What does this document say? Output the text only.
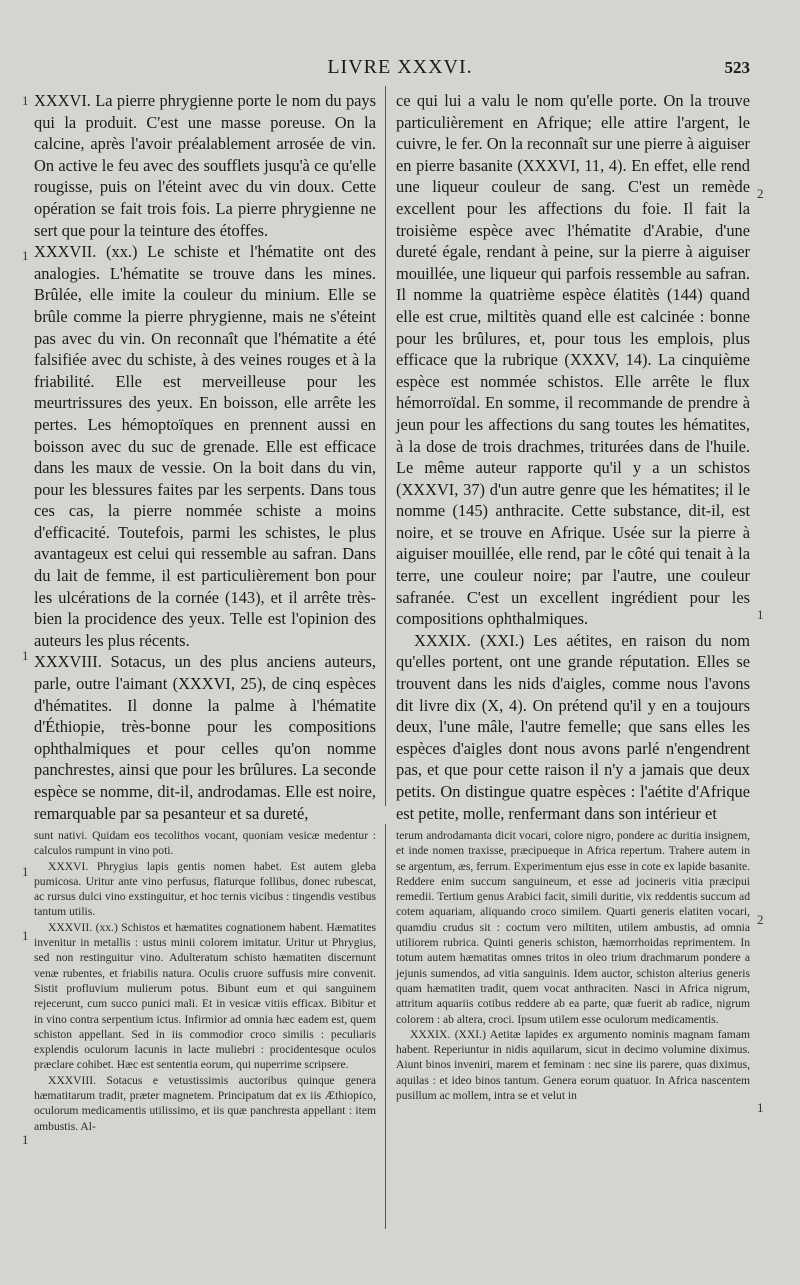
LIVRE XXXVI.	523

XXXVI. La pierre phrygienne porte le nom du pays qui la produit. C'est une masse poreuse. On la calcine, après l'avoir préalablement arrosée de vin. On active le feu avec des soufflets jusqu'à ce qu'elle rougisse, puis on l'éteint avec du vin doux. Cette opération se fait trois fois. La pierre phrygienne ne sert que pour la teinture des étoffes.

XXXVII. (xx.) Le schiste et l'hématite ont des analogies. L'hématite se trouve dans les mines. Brûlée, elle imite la couleur du minium. Elle se brûle comme la pierre phrygienne, mais ne s'éteint pas avec du vin. On reconnaît que l'hématite a été falsifiée avec du schiste, à des veines rouges et à la friabilité. Elle est merveilleuse pour les meurtrissures des yeux. En boisson, elle arrête les pertes. Les hémoptoïques en prennent aussi en boisson avec du suc de grenade. Elle est efficace dans les maux de vessie. On la boit dans du vin, pour les blessures faites par les serpents. Dans tous ces cas, la pierre nommée schiste a moins d'efficacité. Toutefois, parmi les schistes, le plus avantageux est celui qui ressemble au safran. Dans du lait de femme, il est particulièrement bon pour les ulcérations de la cornée (143), et il arrête très-bien la procidence des yeux. Telle est l'opinion des auteurs les plus récents.

XXXVIII. Sotacus, un des plus anciens auteurs, parle, outre l'aimant (XXXVI, 25), de cinq espèces d'hématites. Il donne la palme à l'hématite d'Éthiopie, très-bonne pour les compositions ophthalmiques et pour celles qu'on nomme panchrestes, ainsi que pour les brûlures. La seconde espèce se nomme, dit-il, androdamas. Elle est noire, remarquable par sa pesanteur et sa dureté,

ce qui lui a valu le nom qu'elle porte. On la trouve particulièrement en Afrique; elle attire l'argent, le cuivre, le fer. On la reconnaît sur une pierre à aiguiser en pierre basanite (XXXVI, 11, 4). En effet, elle rend une liqueur couleur de sang. C'est un remède excellent pour les affections du foie. Il fait la troisième espèce avec l'hématite d'Arabie, d'une dureté égale, rendant à peine, sur la pierre à aiguiser mouillée, une liqueur qui parfois ressemble au safran. Il nomme la quatrième espèce élatitès (144) quand elle est crue, miltitès quand elle est calcinée : bonne pour les brûlures, et, pour tous les emplois, plus efficace que la rubrique (XXXV, 14). La cinquième espèce est nommée schistos. Elle arrête le flux hémorroïdal. En somme, il recommande de prendre à jeun pour les affections du sang toutes les hématites, à la dose de trois drachmes, triturées dans de l'huile. Le même auteur rapporte qu'il y a un schistos (XXXVI, 37) d'un autre genre que les hématites; il le nomme (145) anthracite. Cette substance, dit-il, est noire, et se trouve en Afrique. Usée sur la pierre à aiguiser mouillée, elle rend, par le côté qui tenait à la terre, une couleur noire; par l'autre, une couleur safranée. C'est un excellent ingrédient pour les compositions ophthalmiques.

XXXIX. (XXI.) Les aétites, en raison du nom qu'elles portent, ont une grande réputation. Elles se trouvent dans les nids d'aigles, comme nous l'avons dit livre dix (X, 4). On prétend qu'il y en a toujours deux, l'une mâle, l'autre femelle; que sans elles les espèces d'aigles dont nous avons parlé n'engendrent pas, et que pour cette raison il n'y a jamais que deux petits. On distingue quatre espèces : l'aétite d'Afrique est petite, molle, renfermant dans son intérieur et

sunt nativi. Quidam eos tecolithos vocant, quoniam vesicæ medentur : calculos rumpunt in vino poti.

XXXVI. Phrygius lapis gentis nomen habet. Est autem gleba pumicosa. Uritur ante vino perfusus, flaturque follibus, donec rubescat, ac rursus dulci vino exstinguitur, et hoc ternis vicibus : tingendis vestibus tantum utilis.

XXXVII. (xx.) Schistos et hæmatites cognationem habent. Hæmatites invenitur in metallis : ustus minii colorem imitatur. Uritur ut Phrygius, sed non restinguitur vino. Adulteratum schisto hæmatiten discernunt venæ rubentes, et friabilis natura. Oculis cruore suffusis mire convenit. Sistit profluvium mulierum potus. Bibunt eum et qui sanguinem rejecerunt, cum succo punici mali. Et in vesicæ vitiis efficax. Bibitur et in vino contra serpentium ictus. Infirmior ad omnia hæc eadem est, quem schiston appellant. Sed in iis commodior croco similis : peculiaris explendis oculorum lacunis in lacte muliebri : procidentesque oculos præclare cohibet. Hæc est sententia eorum, qui nuperrime scripsere.

XXXVIII. Sotacus e vetustissimis auctoribus quinque genera hæmatitarum tradit, præter magnetem. Principatum dat ex iis Æthiopico, oculorum medicamentis utilissimo, et iis quæ panchresta appellant : item ambustis. Al-

terum androdamanta dicit vocari, colore nigro, pondere ac duritia insignem, et inde nomen traxisse, præcipueque in Africa repertum. Trahere autem in se argentum, æs, ferrum. Experimentum ejus esse in cote ex lapide basanite. Reddere enim succum sanguineum, et esse ad jocineris vitia præcipui remedii. Tertium genus Arabici facit, simili duritie, vix reddentis succum ad cotem aquariam, aliquando croco similem. Quarti generis elatiten vocari, quamdiu crudus sit : coctum vero miltiten, utilem ambustis, ad omnia utiliorem rubrica. Quinti generis schiston, hæmorrhoidas reprimentem. In totum autem hæmatitas omnes tritos in oleo trium drachmarum pondere a jejunis sumendos, ad vitia sanguinis. Idem auctor, schiston alterius generis quam hæmatiten tradit, quem vocat anthraciten. Nasci in Africa nigrum, attritum aquariis cotibus reddere ab ea parte, quæ fuerit ab radice, nigrum colorem : ab altera, croci. Ipsum utilem esse oculorum medicamentis.

XXXIX. (XXI.) Aetitæ lapides ex argumento nominis magnam famam habent. Reperiuntur in nidis aquilarum, sicut in decimo volumine diximus. Aiunt binos inveniri, marem et feminam : nec sine iis parere, quas diximus, aquilas : et ideo binos tantum. Genera eorum quatuor. In Africa nascentem pusillum ac mollem, intra se et velut in

1
1
1
2
1
1
1
1
2
1
